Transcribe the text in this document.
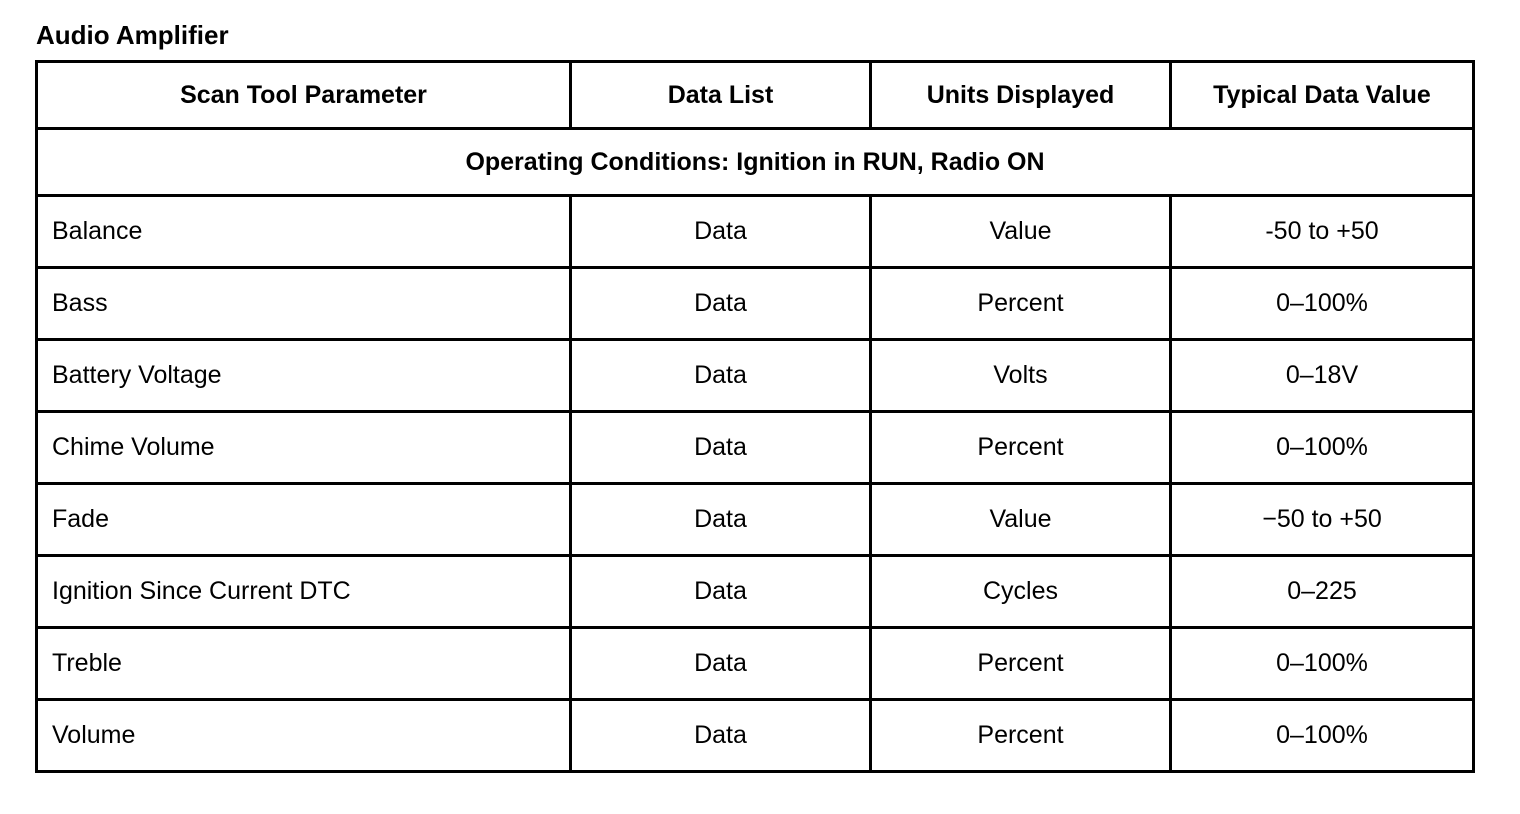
Audio Amplifier
Scan Tool Parameter	Data List	Units Displayed	Typical Data Value
Operating Conditions: Ignition in RUN, Radio ON			
Balance	Data	Value	-50 to +50
Bass	Data	Percent	0–100%
Battery Voltage	Data	Volts	0–18V
Chime Volume	Data	Percent	0–100%
Fade	Data	Value	−50 to +50
Ignition Since Current DTC	Data	Cycles	0–225
Treble	Data	Percent	0–100%
Volume	Data	Percent	0–100%
